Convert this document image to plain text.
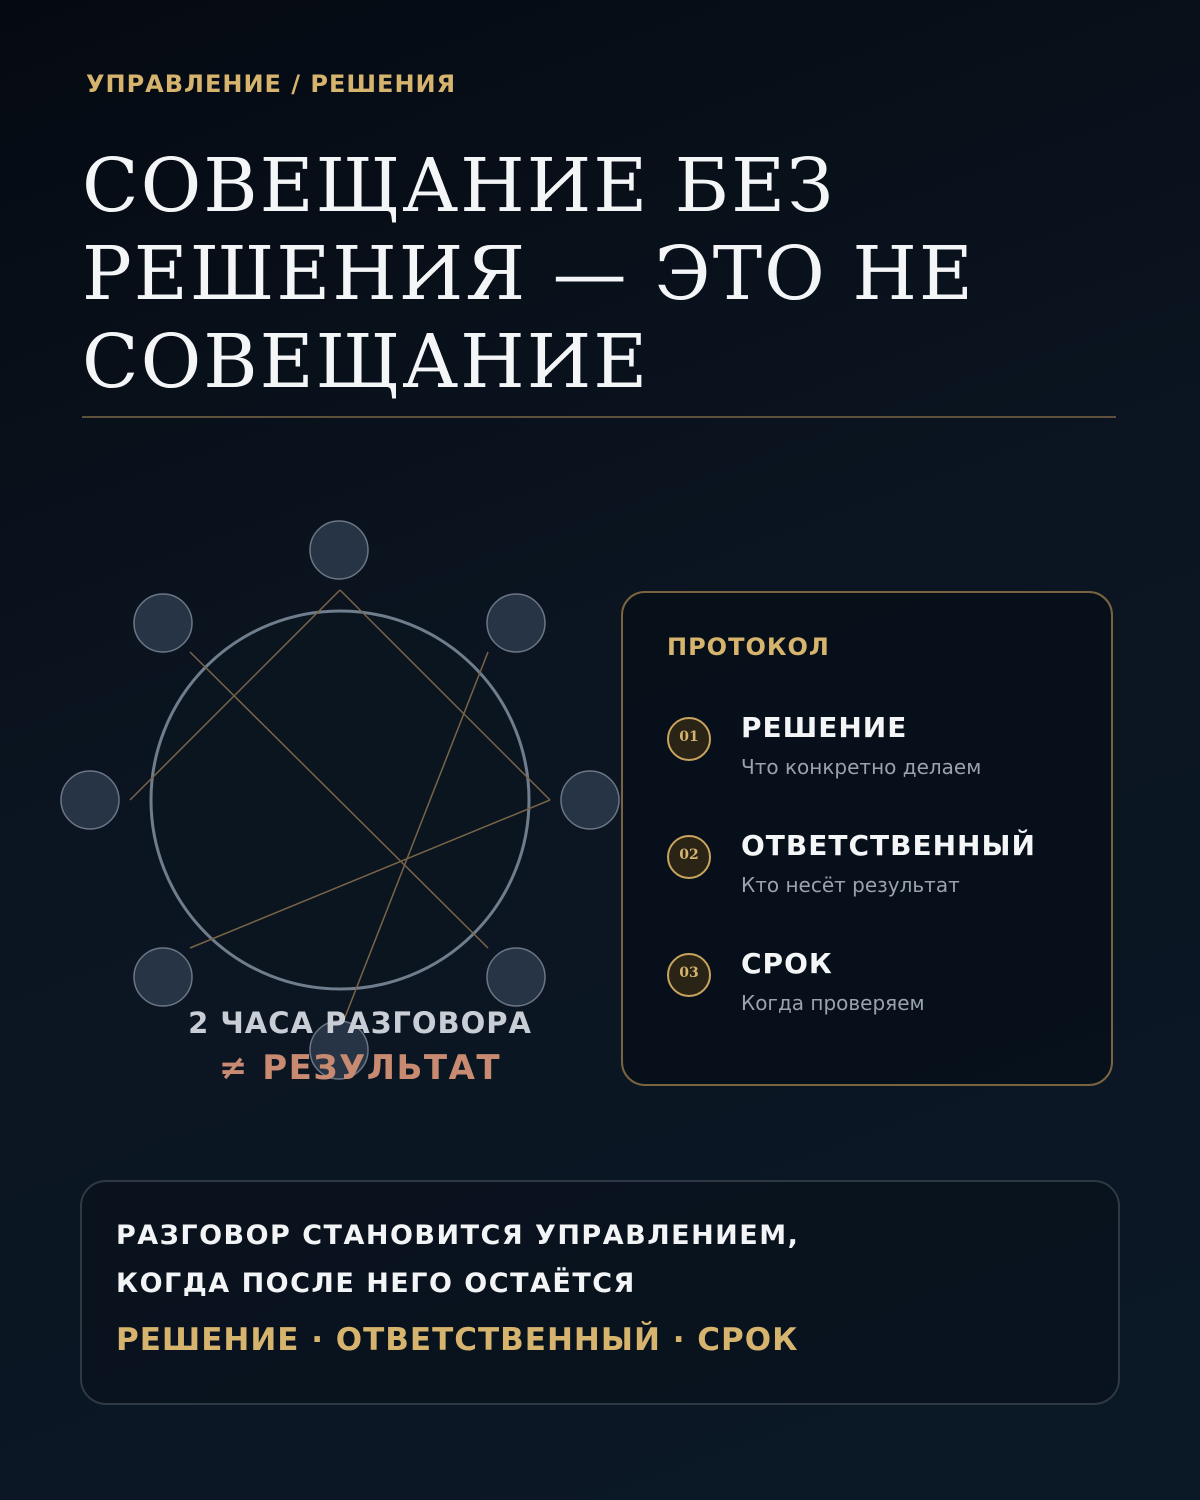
УПРАВЛЕНИЕ / РЕШЕНИЯ
СОВЕЩАНИЕ БЕЗ
РЕШЕНИЯ — ЭТО НЕ
СОВЕЩАНИЕ
2 ЧАСА РАЗГОВОРА
≠ РЕЗУЛЬТАТ
ПРОТОКОЛ
01	РЕШЕНИЕ
Что конкретно делаем
02	ОТВЕТСТВЕННЫЙ
Кто несёт результат
03	СРОК
Когда проверяем
РАЗГОВОР СТАНОВИТСЯ УПРАВЛЕНИЕМ,
КОГДА ПОСЛЕ НЕГО ОСТАЁТСЯ
РЕШЕНИЕ · ОТВЕТСТВЕННЫЙ · СРОК
